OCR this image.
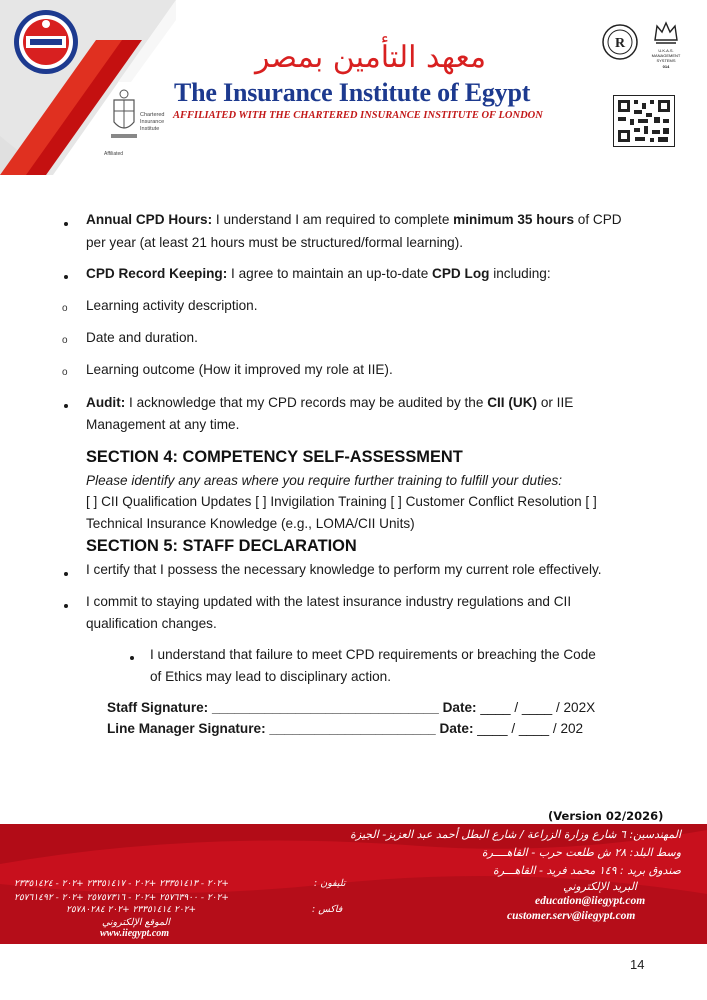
معهد التأمين بمصر
The Insurance Institute of Egypt
AFFILIATED WITH THE CHARTERED INSURANCE INSTITUTE OF LONDON
Chartered Insurance Institute
Affiliated
R	U.K.A.S. MANAGEMENT SYSTEMS
014
Annual CPD Hours: I understand I am required to complete minimum 35 hours of CPD
per year (at least 21 hours must be structured/formal learning).
CPD Record Keeping: I agree to maintain an up-to-date CPD Log including:
o Learning activity description.
o Date and duration.
o Learning outcome (How it improved my role at IIE).
Audit: I acknowledge that my CPD records may be audited by the CII (UK) or IIE
Management at any time.
SECTION 4: COMPETENCY SELF-ASSESSMENT
Please identify any areas where you require further training to fulfill your duties:
[ ] CII Qualification Updates [ ] Invigilation Training [ ] Customer Conflict Resolution [ ]
Technical Insurance Knowledge (e.g., LOMA/CII Units)
SECTION 5: STAFF DECLARATION
I certify that I possess the necessary knowledge to perform my current role effectively.
I commit to staying updated with the latest insurance industry regulations and CII
qualification changes.
I understand that failure to meet CPD requirements or breaching the Code
of Ethics may lead to disciplinary action.
Staff Signature: ______________________________ Date: ____ / ____ / 202X
Line Manager Signature: ______________________ Date: ____ / ____ / 202
(Version 02/2026)
المهندسين: ٦ شارع وزارة الزراعة / شارع البطل أحمد عبد العزيز- الجيزة
وسط البلد: ٢٨ ش طلعت حرب - القاهــــرة
صندوق بريد : ١٤٩ محمد فريد - القاهـــرة
البريد الإلكتروني
education@iiegypt.com
customer.serv@iiegypt.com
تليفون :
+٢٠٢ - ٢٣٣٥١٤١٣ +٢٠٢ - ٢٣٣٥١٤١٧ +٢٠٢ - ٢٣٣٥١٤٢٤
+٢٠٢ - ٢٥٧٦٣٩٠٠ +٢٠٢ - ٢٥٧٥٧٣١٦ +٢٠٢ - ٢٥٧٦١٤٩٢
فاكس :
+٢٠٢ ٢٣٣٥١٤١٤ +٢٠٢ ٢٥٧٨٠٢٨٤
الموقع الإلكتروني
www.iiegypt.com
14
